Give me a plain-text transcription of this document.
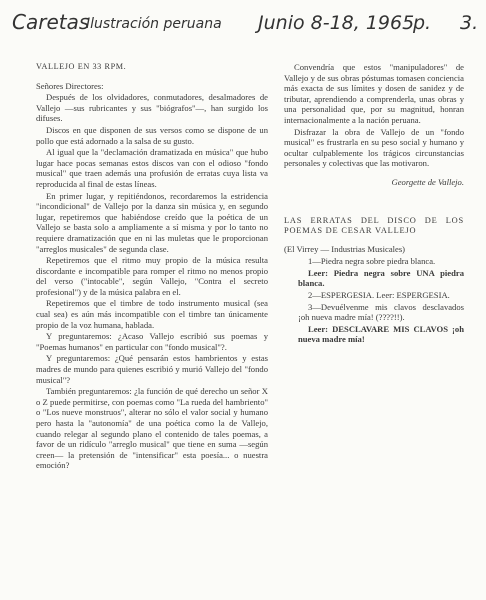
Caretas
Ilustración peruana Junio 8-18, 1965
p. 3.
VALLEJO EN 33 RPM.

Señores Directores:

Después de los olvidadores, conmutadores, desalmadores de Vallejo —sus rubricantes y sus "biógrafos"—, han surgido los difuses.

Discos en que disponen de sus versos como se dispone de un pollo que está adornado a la salsa de su gusto.

Al igual que la "declamación dramatizada en música" que hubo lugar hace pocas semanas estos discos van con el odioso "fondo musical" que traen además una profusión de erratas cuya lista va reproducida al final de estas líneas.

En primer lugar, y repitiéndonos, recordaremos la estridencia "incondicional" de Vallejo por la danza sin música y, en segundo lugar, repetiremos que habiéndose creído que la poética de un Vallejo se basta solo a ampliamente a sí misma y por lo tanto no requiere dramatización que en ni las muletas que le proporcionan "arreglos musicales" de segunda clase.

Repetiremos que el ritmo muy propio de la música resulta discordante e incompatible para romper el ritmo no menos propio del verso ("intocable", según Vallejo, "Contra el secreto profesional") y de la música palabra en el.

Repetiremos que el timbre de todo instrumento musical (sea cual sea) es aún más incompatible con el timbre tan únicamente propio de la voz humana, hablada.

Y preguntaremos: ¿Acaso Vallejo escribió sus poemas y "Poemas humanos" en particular con "fondo musical"?.

Y preguntaremos: ¿Qué pensarán estos hambrientos y estas madres de mundo para quienes escribió y murió Vallejo del "fondo musical"?

También preguntaremos: ¿la función de qué derecho un señor X o Z puede permitirse, con poemas como "La rueda del hambriento" o "Los nueve monstruos", alterar no sólo el valor social y humano pero hasta la "autonomía" de una poética como la de Vallejo, cuando relegar al segundo plano el contenido de tales poemas, a favor de un ridículo "arreglo musical" que tiene en suma —según creen— la pretensión de "intensificar" esta poesía... o nuestra emoción?

Convendría que estos "manipuladores" de Vallejo y de sus obras póstumas tomasen conciencia más exacta de sus límites y dosen de sanidez y de tributar, aprendiendo a comprenderla, unas obras y una personalidad que, por su magnitud, honran internacionalmente a la nación peruana.

Disfrazar la obra de Vallejo de un "fondo musical" es frustrarla en su peso social y humano y ocultar culpablemente los trágicos circunstancias personales y colectivas que las motivaron.

Georgette de Vallejo.
LAS ERRATAS DEL DISCO DE LOS POEMAS DE CESAR VALLEJO
(El Virrey — Industrias Musicales)

1—Piedra negra sobre piedra blanca.

Leer: Piedra negra sobre UNA piedra blanca.

2—ESPERGESIA. Leer: ESPERGESIA.

3—Devuélvenme mis clavos desclavados ¡oh nueva madre mía! (????!!).

Leer: DESCLAVARE MIS CLAVOS ¡oh nueva madre mía!
